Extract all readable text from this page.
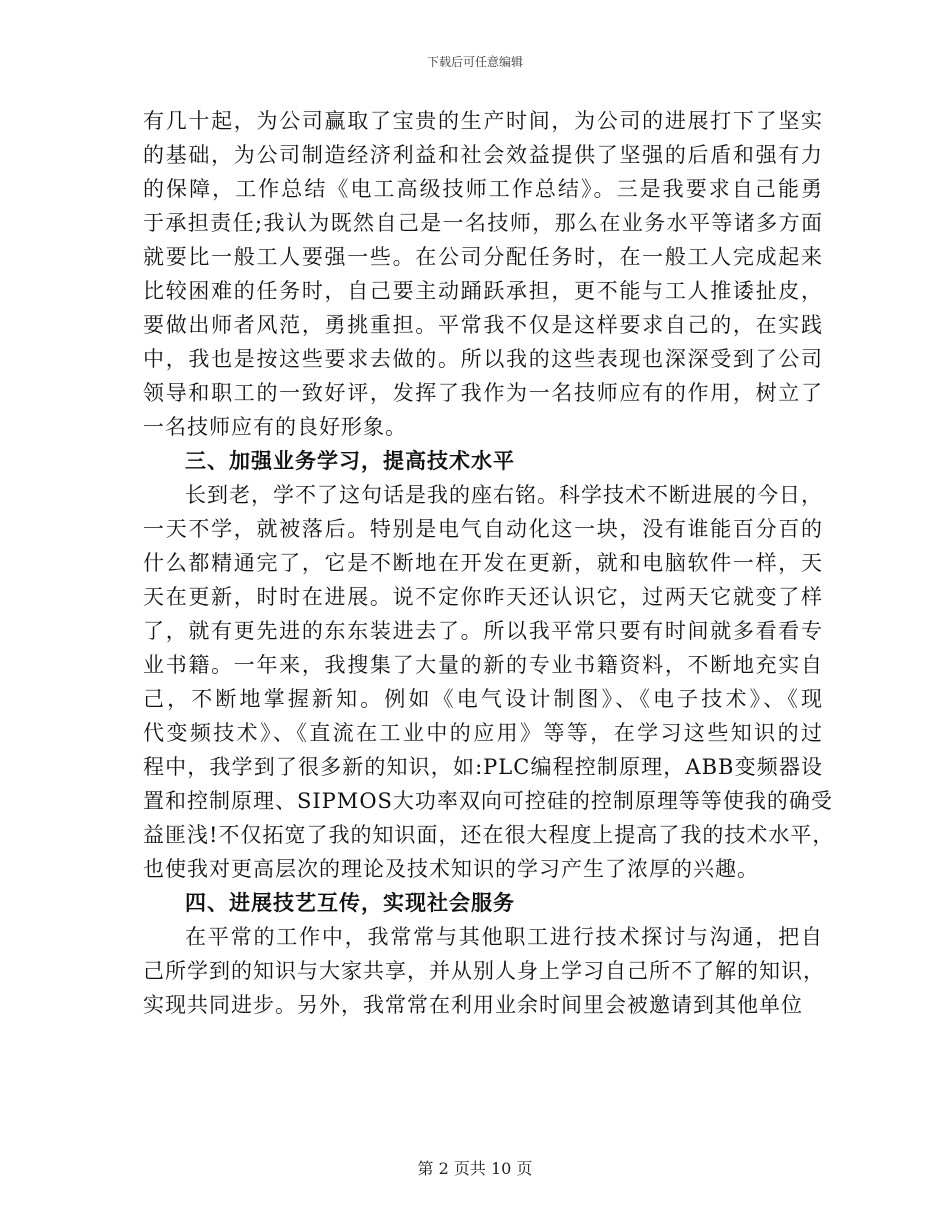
下载后可任意编辑
有几十起，为公司赢取了宝贵的生产时间，为公司的进展打下了坚实
的基础，为公司制造经济利益和社会效益提供了坚强的后盾和强有力
的保障，工作总结《电工高级技师工作总结》。三是我要求自己能勇
于承担责任;我认为既然自己是一名技师，那么在业务水平等诸多方面
就要比一般工人要强一些。在公司分配任务时，在一般工人完成起来
比较困难的任务时，自己要主动踊跃承担，更不能与工人推诿扯皮，
要做出师者风范，勇挑重担。平常我不仅是这样要求自己的，在实践
中，我也是按这些要求去做的。所以我的这些表现也深深受到了公司
领导和职工的一致好评，发挥了我作为一名技师应有的作用，树立了
一名技师应有的良好形象。
三、加强业务学习，提高技术水平
长到老，学不了这句话是我的座右铭。科学技术不断进展的今日，
一天不学，就被落后。特别是电气自动化这一块，没有谁能百分百的
什么都精通完了，它是不断地在开发在更新，就和电脑软件一样，天
天在更新，时时在进展。说不定你昨天还认识它，过两天它就变了样
了，就有更先进的东东装进去了。所以我平常只要有时间就多看看专
业书籍。一年来，我搜集了大量的新的专业书籍资料，不断地充实自
己，不断地掌握新知。例如《电气设计制图》、《电子技术》、《现
代变频技术》、《直流在工业中的应用》等等，在学习这些知识的过
程中，我学到了很多新的知识，如:PLC编程控制原理，ABB变频器设
置和控制原理、SIPMOS大功率双向可控硅的控制原理等等使我的确受
益匪浅!不仅拓宽了我的知识面，还在很大程度上提高了我的技术水平，
也使我对更高层次的理论及技术知识的学习产生了浓厚的兴趣。
四、进展技艺互传，实现社会服务
在平常的工作中，我常常与其他职工进行技术探讨与沟通，把自
己所学到的知识与大家共享，并从别人身上学习自己所不了解的知识，
实现共同进步。另外，我常常在利用业余时间里会被邀请到其他单位
第 2 页共 10 页
